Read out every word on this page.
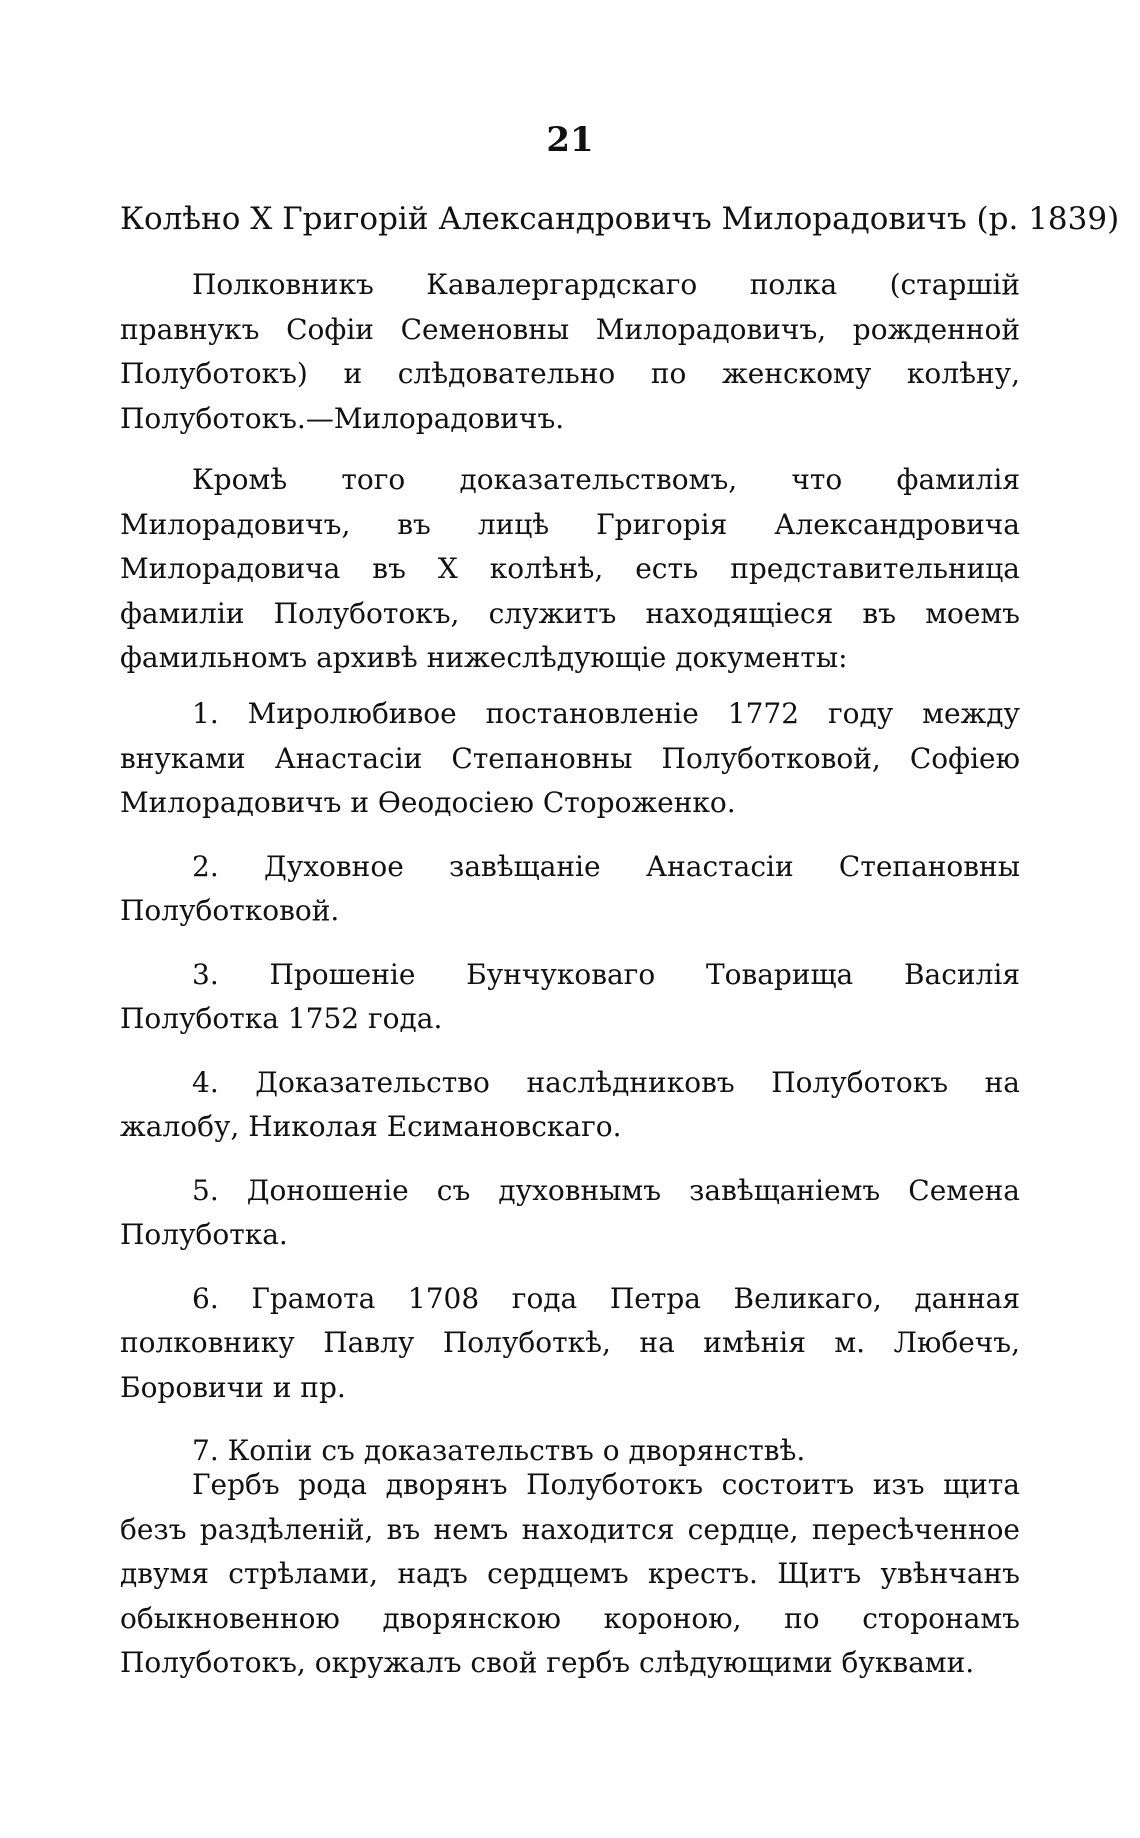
21

Колѣно X Григорій Александровичъ Милорадовичъ (р. 1839)

Полковникъ Кавалергардскаго полка (старшій правнукъ Софіи Семеновны Милорадовичъ, рожденной Полуботокъ) и слѣдовательно по женскому колѣну, Полуботокъ.—Милорадовичъ.

Кромѣ того доказательствомъ, что фамилія Милорадовичъ, въ лицѣ Григорія Александровича Милорадовича въ X колѣнѣ, есть представительница фамиліи Полуботокъ, служитъ находящіеся въ моемъ фамильномъ архивѣ нижеслѣдующіе документы:

1. Миролюбивое постановленіе 1772 году между внуками Анастасіи Степановны Полуботковой, Софіею Милорадовичъ и Ѳеодосіею Стороженко.
2. Духовное завѣщаніе Анастасіи Степановны Полуботковой.
3. Прошеніе Бунчуковаго Товарища Василія Полуботка 1752 года.
4. Доказательство наслѣдниковъ Полуботокъ на жалобу, Николая Есимановскаго.
5. Доношеніе съ духовнымъ завѣщаніемъ Семена Полуботка.
6. Грамота 1708 года Петра Великаго, данная полковнику Павлу Полуботкѣ, на имѣнія м. Любечъ, Боровичи и пр.
7. Копіи съ доказательствъ о дворянствѣ.

Гербъ рода дворянъ Полуботокъ состоитъ изъ щита безъ раздѣленій, въ немъ находится сердце, пересѣченное двумя стрѣлами, надъ сердцемъ крестъ. Щитъ увѣнчанъ обыкновенною дворянскою короною, по сторонамъ Полуботокъ, окружалъ свой гербъ слѣдующими буквами.
